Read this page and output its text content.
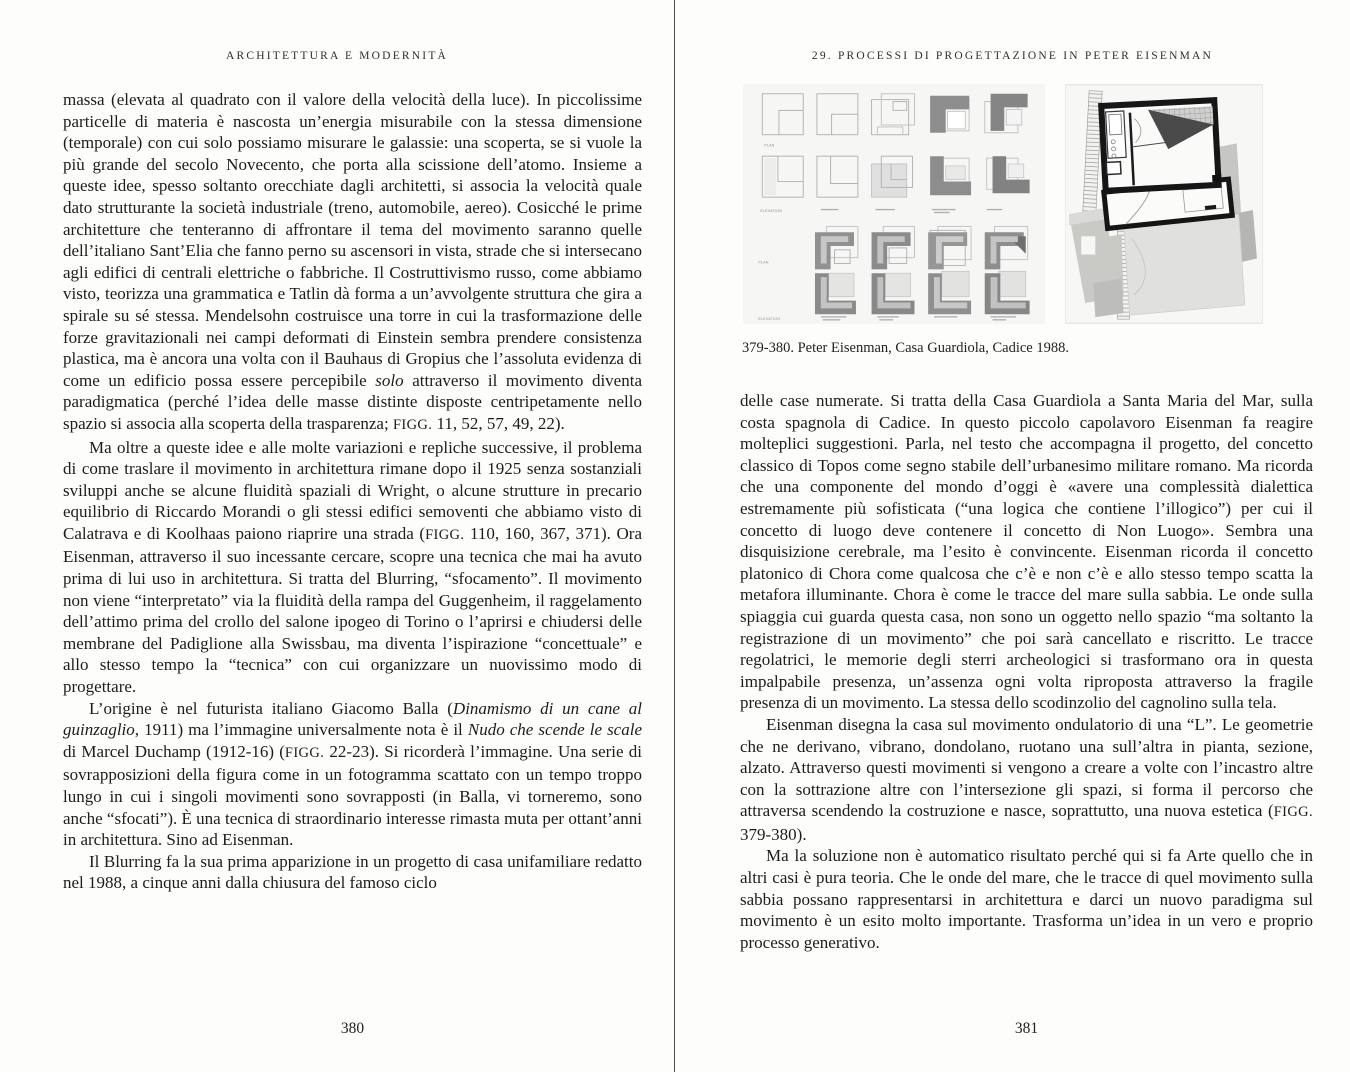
ARCHITETTURA E MODERNITÀ

massa (elevata al quadrato con il valore della velocità della luce). In piccolissime particelle di materia è nascosta un’energia misurabile con la stessa dimensione (temporale) con cui solo possiamo misurare le galassie: una scoperta, se si vuole la più grande del secolo Novecento, che porta alla scissione dell’atomo. Insieme a queste idee, spesso soltanto orecchiate dagli architetti, si associa la velocità quale dato strutturante la società industriale (treno, automobile, aereo). Cosicché le prime architetture che tenteranno di affrontare il tema del movimento saranno quelle dell’italiano Sant’Elia che fanno perno su ascensori in vista, strade che si intersecano agli edifici di centrali elettriche o fabbriche. Il Costruttivismo russo, come abbiamo visto, teorizza una grammatica e Tatlin dà forma a un’avvolgente struttura che gira a spirale su sé stessa. Mendelsohn costruisce una torre in cui la trasformazione delle forze gravitazionali nei campi deformati di Einstein sembra prendere consistenza plastica, ma è ancora una volta con il Bauhaus di Gropius che l’assoluta evidenza di come un edificio possa essere percepibile solo attraverso il movimento diventa paradigmatica (perché l’idea delle masse distinte disposte centripetamente nello spazio si associa alla scoperta della trasparenza; FIGG. 11, 52, 57, 49, 22).

Ma oltre a queste idee e alle molte variazioni e repliche successive, il problema di come traslare il movimento in architettura rimane dopo il 1925 senza sostanziali sviluppi anche se alcune fluidità spaziali di Wright, o alcune strutture in precario equilibrio di Riccardo Morandi o gli stessi edifici semoventi che abbiamo visto di Calatrava e di Koolhaas paiono riaprire una strada (FIGG. 110, 160, 367, 371). Ora Eisenman, attraverso il suo incessante cercare, scopre una tecnica che mai ha avuto prima di lui uso in architettura. Si tratta del Blurring, “sfocamento”. Il movimento non viene “interpretato” via la fluidità della rampa del Guggenheim, il raggelamento dell’attimo prima del crollo del salone ipogeo di Torino o l’aprirsi e chiudersi delle membrane del Padiglione alla Swissbau, ma diventa l’ispirazione “concettuale” e allo stesso tempo la “tecnica” con cui organizzare un nuovissimo modo di progettare.

L’origine è nel futurista italiano Giacomo Balla (Dinamismo di un cane al guinzaglio, 1911) ma l’immagine universalmente nota è il Nudo che scende le scale di Marcel Duchamp (1912-16) (FIGG. 22-23). Si ricorderà l’immagine. Una serie di sovrapposizioni della figura come in un fotogramma scattato con un tempo troppo lungo in cui i singoli movimenti sono sovrapposti (in Balla, vi torneremo, sono anche “sfocati”). È una tecnica di straordinario interesse rimasta muta per ottant’anni in architettura. Sino ad Eisenman.

Il Blurring fa la sua prima apparizione in un progetto di casa unifamiliare redatto nel 1988, a cinque anni dalla chiusura del famoso ciclo

380
29. PROCESSI DI PROGETTAZIONE IN PETER EISENMAN
PLAN
ELEVATION
PLAN
ELEVATION
379-380. Peter Eisenman, Casa Guardiola, Cadice 1988.

delle case numerate. Si tratta della Casa Guardiola a Santa Maria del Mar, sulla costa spagnola di Cadice. In questo piccolo capolavoro Eisenman fa reagire molteplici suggestioni. Parla, nel testo che accompagna il progetto, del concetto classico di Topos come segno stabile dell’urbanesimo militare romano. Ma ricorda che una componente del mondo d’oggi è «avere una complessità dialettica estremamente più sofisticata (“una logica che contiene l’illogico”) per cui il concetto di luogo deve contenere il concetto di Non Luogo». Sembra una disquisizione cerebrale, ma l’esito è convincente. Eisenman ricorda il concetto platonico di Chora come qualcosa che c’è e non c’è e allo stesso tempo scatta la metafora illuminante. Chora è come le tracce del mare sulla sabbia. Le onde sulla spiaggia cui guarda questa casa, non sono un oggetto nello spazio “ma soltanto la registrazione di un movimento” che poi sarà cancellato e riscritto. Le tracce regolatrici, le memorie degli sterri archeologici si trasformano ora in questa impalpabile presenza, un’assenza ogni volta riproposta attraverso la fragile presenza di un movimento. La stessa dello scodinzolio del cagnolino sulla tela.

Eisenman disegna la casa sul movimento ondulatorio di una “L”. Le geometrie che ne derivano, vibrano, dondolano, ruotano una sull’altra in pianta, sezione, alzato. Attraverso questi movimenti si vengono a creare a volte con l’incastro altre con la sottrazione altre con l’intersezione gli spazi, si forma il percorso che attraversa scendendo la costruzione e nasce, soprattutto, una nuova estetica (FIGG. 379-380).

Ma la soluzione non è automatico risultato perché qui si fa Arte quello che in altri casi è pura teoria. Che le onde del mare, che le tracce di quel movimento sulla sabbia possano rappresentarsi in architettura e darci un nuovo paradigma sul movimento è un esito molto importante. Trasforma un’idea in un vero e proprio processo generativo.

381
